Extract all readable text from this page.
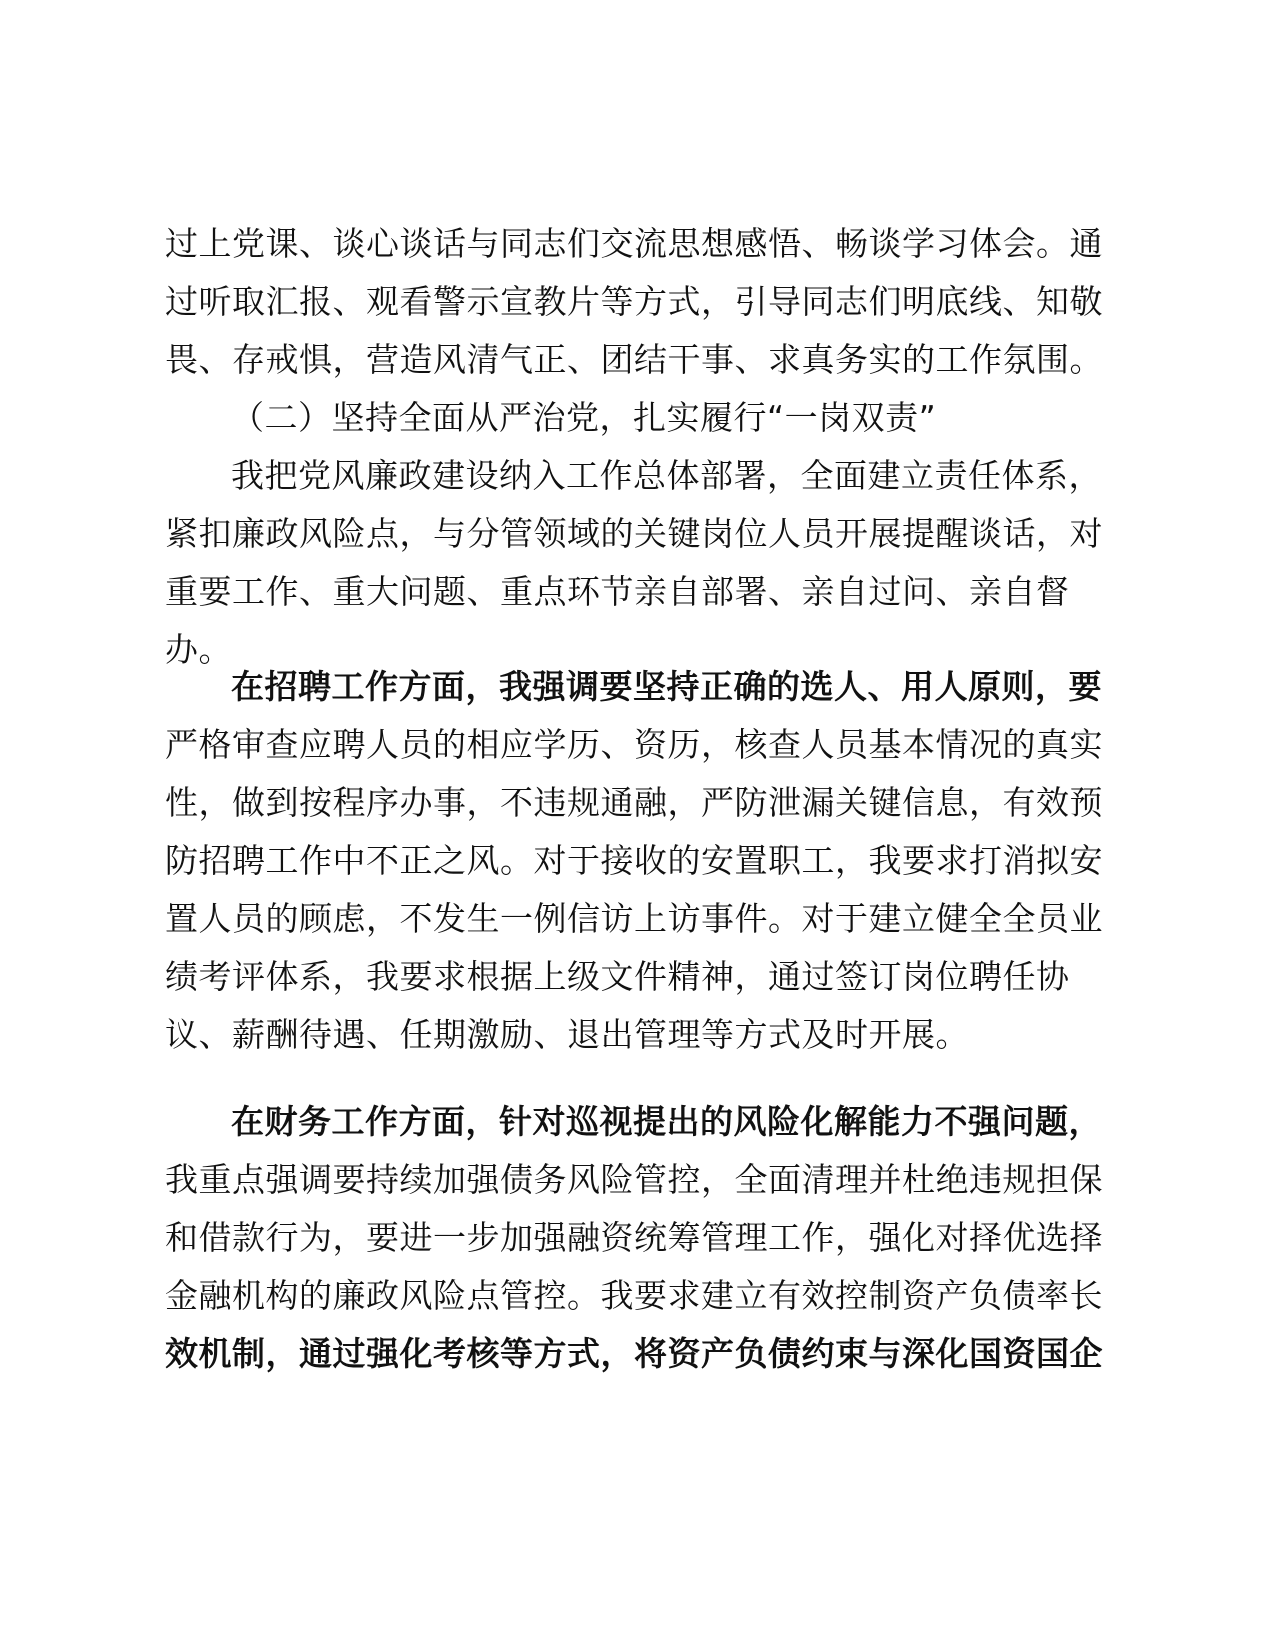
过上党课、谈心谈话与同志们交流思想感悟、畅谈学习体会。通
过听取汇报、观看警示宣教片等方式，引导同志们明底线、知敬
畏、存戒惧，营造风清气正、团结干事、求真务实的工作氛围。
（二）坚持全面从严治党，扎实履行“一岗双责”
我把党风廉政建设纳入工作总体部署，全面建立责任体系，
紧扣廉政风险点，与分管领域的关键岗位人员开展提醒谈话，对
重要工作、重大问题、重点环节亲自部署、亲自过问、亲自督
办。
在招聘工作方面，我强调要坚持正确的选人、用人原则，要
严格审查应聘人员的相应学历、资历，核查人员基本情况的真实
性，做到按程序办事，不违规通融，严防泄漏关键信息，有效预
防招聘工作中不正之风。对于接收的安置职工，我要求打消拟安
置人员的顾虑，不发生一例信访上访事件。对于建立健全全员业
绩考评体系，我要求根据上级文件精神，通过签订岗位聘任协
议、薪酬待遇、任期激励、退出管理等方式及时开展。
在财务工作方面，针对巡视提出的风险化解能力不强问题，
我重点强调要持续加强债务风险管控，全面清理并杜绝违规担保
和借款行为，要进一步加强融资统筹管理工作，强化对择优选择
金融机构的廉政风险点管控。我要求建立有效控制资产负债率长
效机制，通过强化考核等方式，将资产负债约束与深化国资国企
